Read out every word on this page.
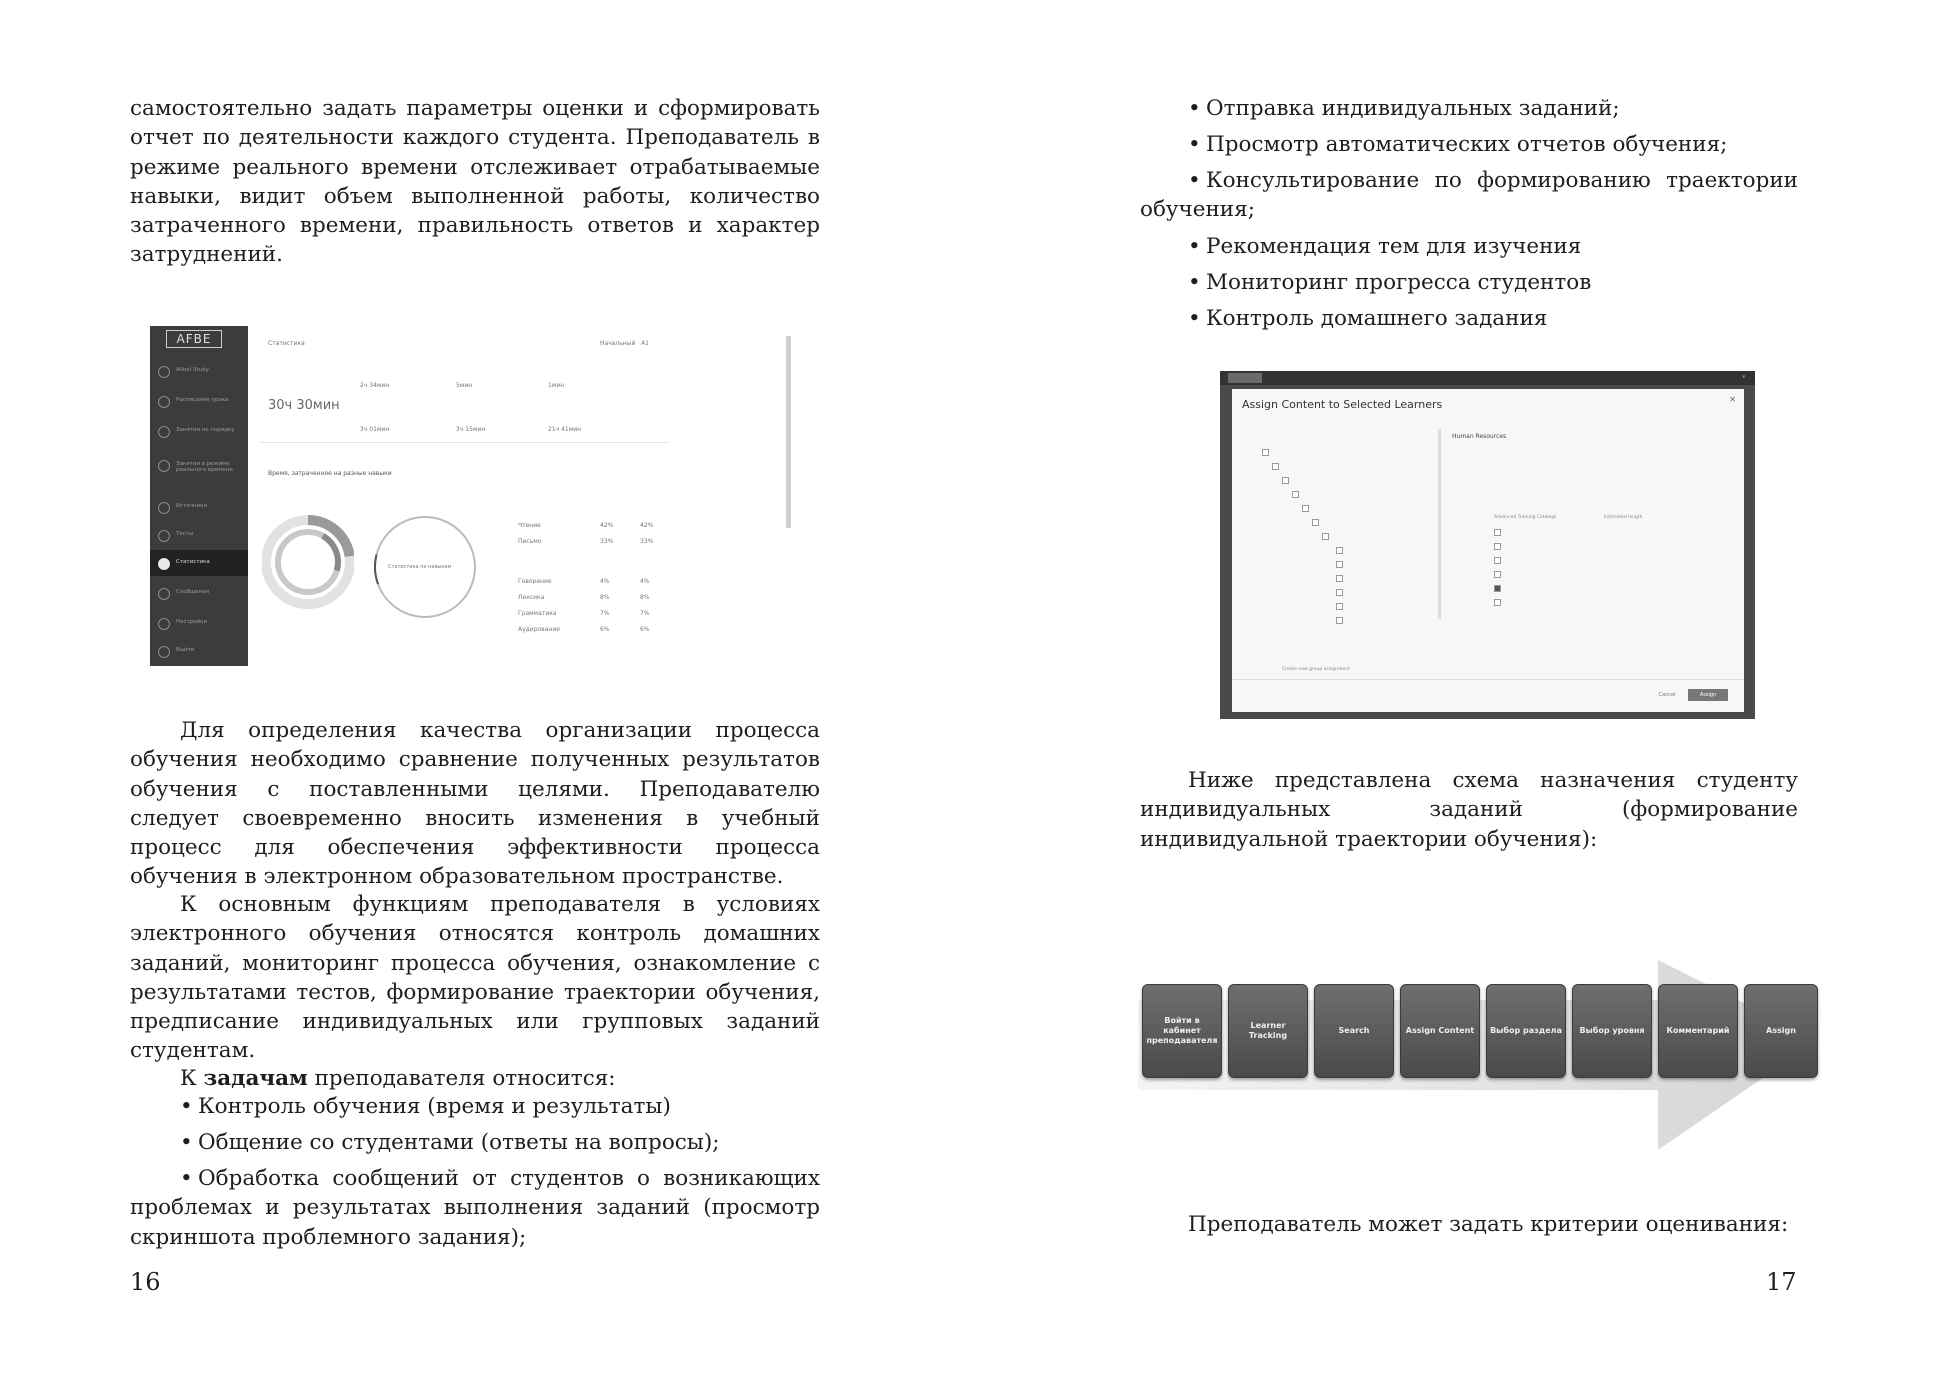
самостоятельно задать параметры оценки и сформировать отчет по деятельности каждого студента. Преподаватель в режиме реального времени отслеживает отрабатываемые навыки, видит объем выполненной работы, количество затраченного времени, правильность ответов и характер затруднений.

AFBE
Alibel Study
Расписание урока
Занятия по порядку
Занятия в режиме реального времени
Источники
Тесты
Статистика
Сообщения
Настройки
Выйти
Статистика	Начальный · A1
30ч 30мин
2ч 34мин	5мин	1мин
3ч 01мин	3ч 15мин	21ч 41мин
Время, затраченное на разные навыки
Статистика по навыкам
Чтение	42%	42%
Письмо	33%	33%
Говорение	4%	4%
Лексика	8%	8%
Грамматика	7%	7%
Аудирование	6%	6%

Для определения качества организации процесса обучения необходимо сравнение полученных результатов обучения с поставленными целями. Преподавателю следует своевременно вносить изменения в учебный процесс для обеспечения эффективности процесса обучения в электронном образовательном пространстве.

К основным функциям преподавателя в условиях электронного обучения относятся контроль домашних заданий, мониторинг процесса обучения, ознакомление с результатами тестов, формирование траектории обучения, предписание индивидуальных или групповых заданий студентам.

К задачам преподавателя относится:

• Контроль обучения (время и результаты)

• Общение со студентами (ответы на вопросы);

• Обработка сообщений от студентов о возникающих проблемах и результатах выполнения заданий (просмотр скриншота проблемного задания);

16

• Отправка индивидуальных заданий;

• Просмотр автоматических отчетов обучения;

• Консультирование по формированию траектории обучения;

• Рекомендация тем для изучения

• Мониторинг прогресса студентов

• Контроль домашнего задания

▾
Assign Content to Selected Learners	✕
Human Resources
Advanced Training Catalogs	Estimated length
Create new group assignment
Cancel	Assign

Ниже представлена схема назначения студенту индивидуальных заданий (формирование индивидуальной траектории обучения):

Войти в кабинет преподавателя
Learner Tracking
Search	Assign Content	Выбор раздела	Выбор уровня	Комментарий	Assign

Преподаватель может задать критерии оценивания:

17
